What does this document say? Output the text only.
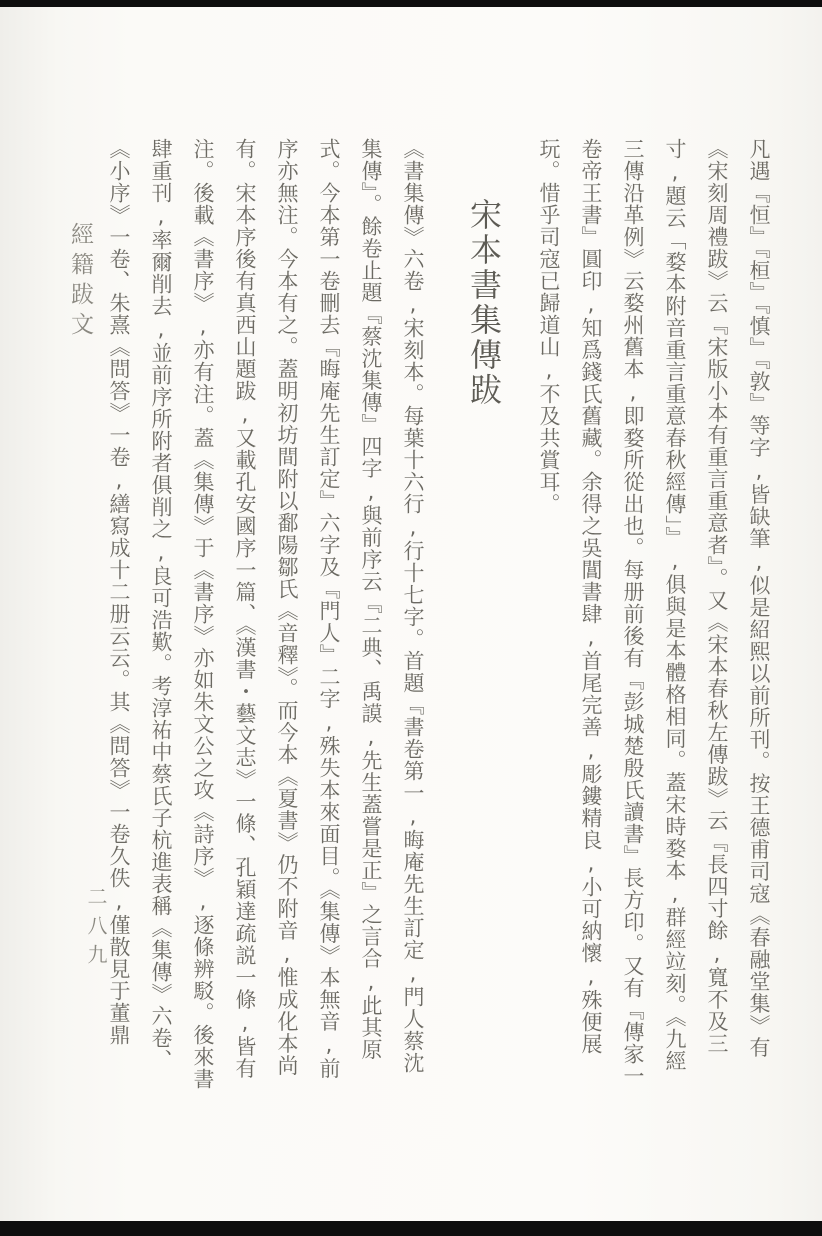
經籍跋文
二八九	凡遇『恒』『桓』『慎』『敦』等字,皆缺筆,似是紹熙以前所刊。按王德甫司寇《春融堂集》有《宋刻周禮跋》云『宋版小本有重言重意者』。又《宋本春秋左傳跋》云『長四寸餘,寬不及三寸,題云「婺本附音重言重意春秋經傳」』,俱與是本體格相同。蓋宋時婺本,群經竝刻。《九經三傳沿革例》云婺州舊本,即婺所從出也。每册前後有『彭城楚殷氏讀書』長方印。又有『傳家一卷帝王書』圓印,知爲錢氏舊藏。余得之吳閶書肆,首尾完善,彫鏤精良,小可納懷,殊便展玩。惜乎司寇已歸道山,不及共賞耳。

宋本書集傳跋

《書集傳》六卷,宋刻本。每葉十六行,行十七字。首題『書卷第一,晦庵先生訂定,門人蔡沈集傳』。餘卷止題『蔡沈集傳』四字,與前序云『二典、禹謨,先生蓋嘗是正』之言合,此其原式。今本第一卷刪去『晦庵先生訂定』六字及『門人』二字,殊失本來面目。《集傳》本無音,前序亦無注。今本有之。蓋明初坊間附以鄱陽鄒氏《音釋》。而今本《夏書》仍不附音,惟成化本尚有。宋本序後有真西山題跋,又載孔安國序一篇、《漢書・藝文志》一條、孔穎達疏説一條,皆有注。後載《書序》,亦有注。蓋《集傳》于《書序》亦如朱文公之攻《詩序》,逐條辨駁。後來書肆重刊,率爾削去,並前序所附者俱削之,良可浩歎。考淳祐中蔡氏子杭進表稱《集傳》六卷、《小序》一卷、朱熹《問答》一卷,繕寫成十二册云云。其《問答》一卷久佚,僅散見于董鼎
